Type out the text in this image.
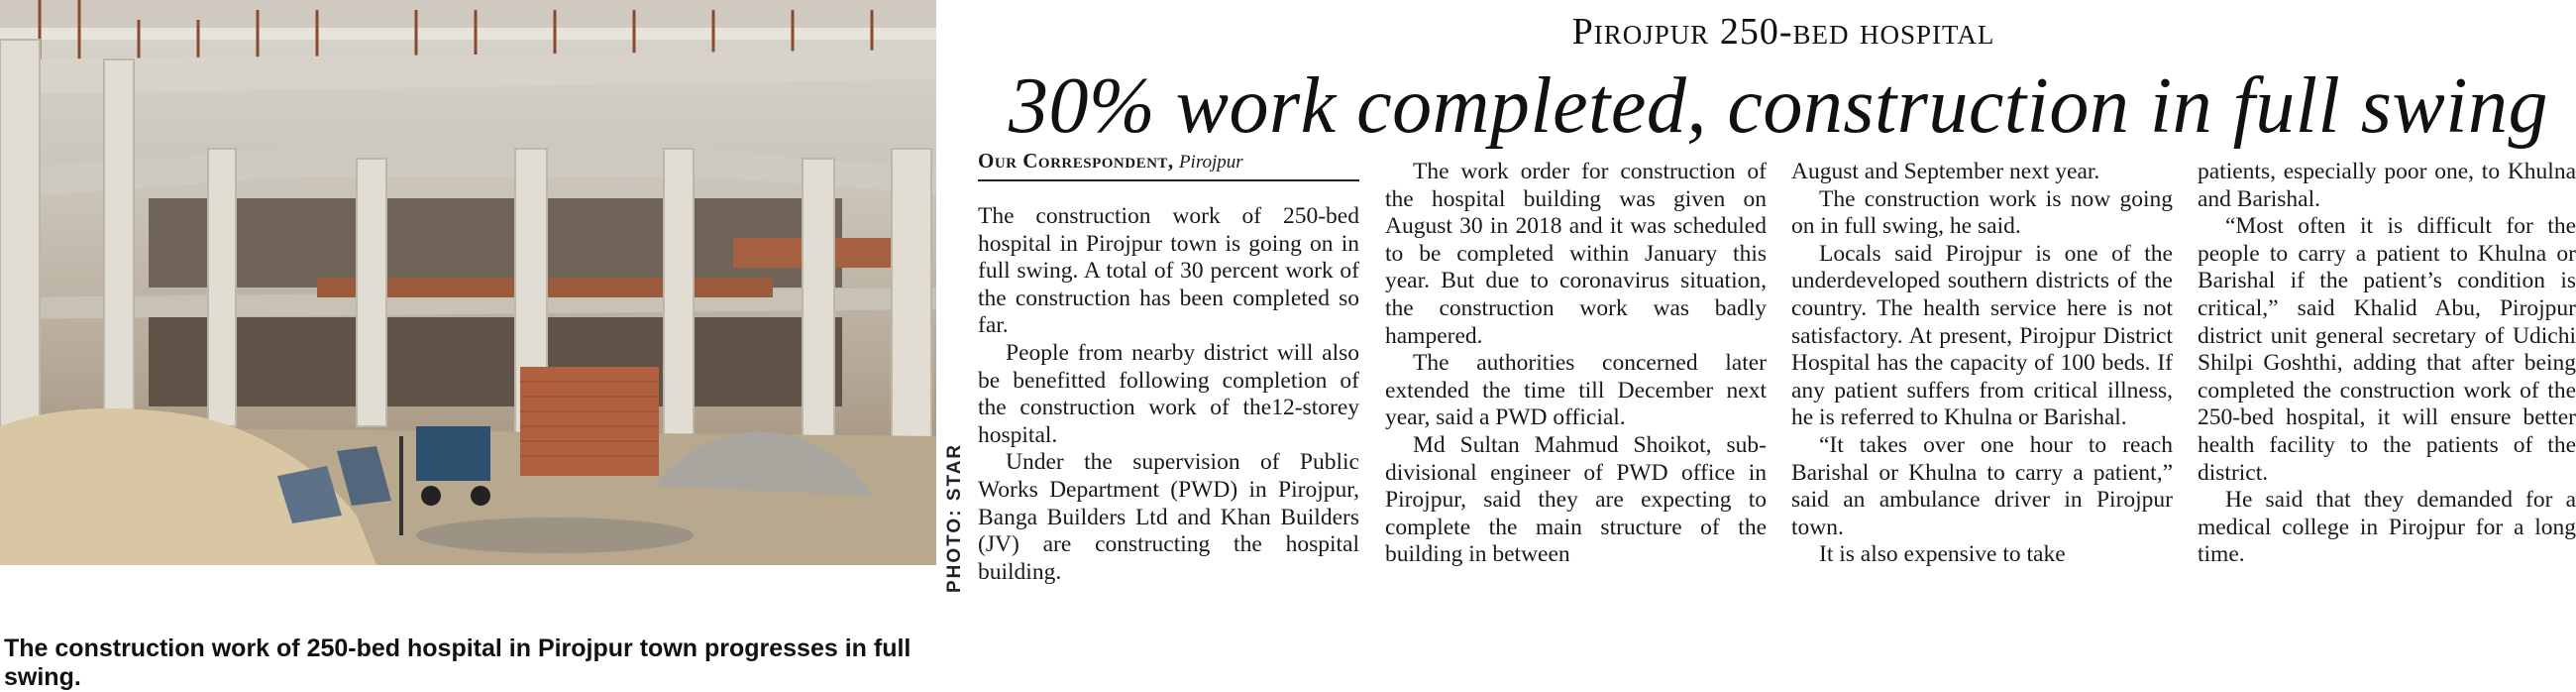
PHOTO: STAR
The construction work of 250-bed hospital in Pirojpur town progresses in full swing.
Pirojpur 250-bed hospital
30% work completed, construction in full swing
Our Correspondent, Pirojpur

The construction work of 250-bed hospital in Pirojpur town is going on in full swing. A total of 30 percent work of the construction has been completed so far.

People from nearby district will also be benefitted following completion of the construction work of the12-storey hospital.

Under the supervision of Public Works Department (PWD) in Pirojpur, Banga Builders Ltd and Khan Builders (JV) are constructing the hospital building.

The work order for construction of the hospital building was given on August 30 in 2018 and it was scheduled to be completed within January this year. But due to coronavirus situation, the construction work was badly hampered.

The authorities concerned later extended the time till December next year, said a PWD official.

Md Sultan Mahmud Shoikot, sub-divisional engineer of PWD office in Pirojpur, said they are expecting to complete the main structure of the building in between

August and September next year.

The construction work is now going on in full swing, he said.

Locals said Pirojpur is one of the underdeveloped southern districts of the country. The health service here is not satisfactory. At present, Pirojpur District Hospital has the capacity of 100 beds. If any patient suffers from critical illness, he is referred to Khulna or Barishal.

“It takes over one hour to reach Barishal or Khulna to carry a patient,” said an ambulance driver in Pirojpur town.

It is also expensive to take

patients, especially poor one, to Khulna and Barishal.

“Most often it is difficult for the people to carry a patient to Khulna or Barishal if the patient’s condition is critical,” said Khalid Abu, Pirojpur district unit general secretary of Udichi Shilpi Goshthi, adding that after being completed the construction work of the 250-bed hospital, it will ensure better health facility to the patients of the district.

He said that they demanded for a medical college in Pirojpur for a long time.
